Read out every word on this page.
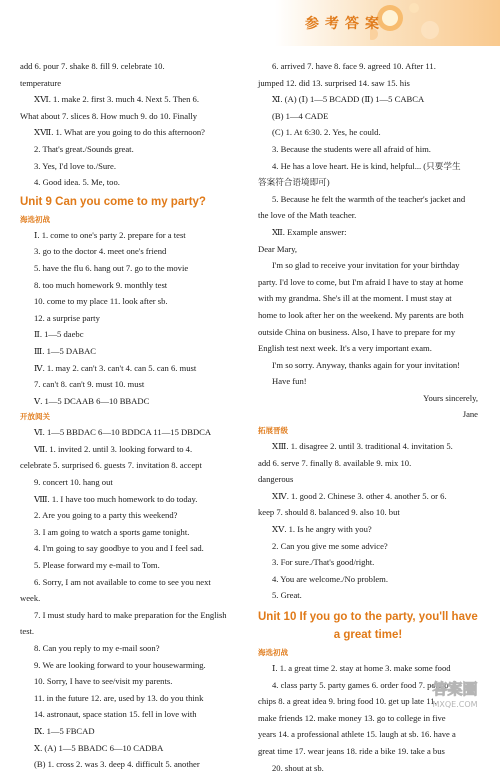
参考答案
add 6. pour 7. shake 8. fill 9. celebrate 10.
temperature
ⅩⅥ. 1. make 2. first 3. much 4. Next 5. Then 6.
What about 7. slices 8. How much 9. do 10. Finally
ⅩⅦ. 1. What are you going to do this afternoon?
2. That's great./Sounds great.
3. Yes, I'd love to./Sure.
4. Good idea. 5. Me, too.
Unit 9 Can you come to my party?
海选初战
Ⅰ. 1. come to one's party 2. prepare for a test
3. go to the doctor 4. meet one's friend
5. have the flu 6. hang out 7. go to the movie
8. too much homework 9. monthly test
10. come to my place 11. look after sb.
12. a surprise party
Ⅱ. 1—5 daebc
Ⅲ. 1—5 DABAC
Ⅳ. 1. may 2. can't 3. can't 4. can 5. can 6. must
7. can't 8. can't 9. must 10. must
Ⅴ. 1—5 DCAAB 6—10 BBADC
开放阅关
Ⅵ. 1—5 BBDAC 6—10 BDDCA 11—15 DBDCA
Ⅶ. 1. invited 2. until 3. looking forward to 4.
celebrate 5. surprised 6. guests 7. invitation 8. accept
9. concert 10. hang out
Ⅷ. 1. I have too much homework to do today.
2. Are you going to a party this weekend?
3. I am going to watch a sports game tonight.
4. I'm going to say goodbye to you and I feel sad.
5. Please forward my e-mail to Tom.
6. Sorry, I am not available to come to see you next
week.
7. I must study hard to make preparation for the English
test.
8. Can you reply to my e-mail soon?
9. We are looking forward to your housewarming.
10. Sorry, I have to see/visit my parents.
11. in the future 12. are, used by 13. do you think
14. astronaut, space station 15. fell in love with
Ⅸ. 1—5 FBCAD
Ⅹ. (A) 1—5 BBADC 6—10 CADBA
(B) 1. cross 2. was 3. deep 4. difficult 5. another
6. arrived 7. have 8. face 9. agreed 10. After 11.
jumped 12. did 13. surprised 14. saw 15. his
Ⅺ. (A) (Ⅰ) 1—5 BCADD (Ⅱ) 1—5 CABCA
(B) 1—4 CADE
(C) 1. At 6:30. 2. Yes, he could.
3. Because the students were all afraid of him.
4. He has a love heart. He is kind, helpful... (只要学生
答案符合语境即可)
5. Because he felt the warmth of the teacher's jacket and
the love of the Math teacher.
Ⅻ. Example answer:
Dear Mary,
I'm so glad to receive your invitation for your birthday
party. I'd love to come, but I'm afraid I have to stay at home
with my grandma. She's ill at the moment. I must stay at
home to look after her on the weekend. My parents are both
outside China on business. Also, I have to prepare for my
English test next week. It's a very important exam.
I'm so sorry. Anyway, thanks again for your invitation!
Have fun!
Yours sincerely,
Jane
拓展晋级
ⅩⅢ. 1. disagree 2. until 3. traditional 4. invitation 5.
add 6. serve 7. finally 8. available 9. mix 10.
dangerous
ⅩⅣ. 1. good 2. Chinese 3. other 4. another 5. or 6.
keep 7. should 8. balanced 9. also 10. but
ⅩⅤ. 1. Is he angry with you?
2. Can you give me some advice?
3. For sure./That's good/right.
4. You are welcome./No problem.
5. Great.
Unit 10 If you go to the party, you'll have
a great time!
海选初战
Ⅰ. 1. a great time 2. stay at home 3. make some food
4. class party 5. party games 6. order food 7. potato
chips 8. a great idea 9. bring food 10. get up late 11.
make friends 12. make money 13. go to college in five
years 14. a professional athlete 15. laugh at sb. 16. have a
great time 17. wear jeans 18. ride a bike 19. take a bus
20. shout at sb.
答案圈
MXQE.COM
